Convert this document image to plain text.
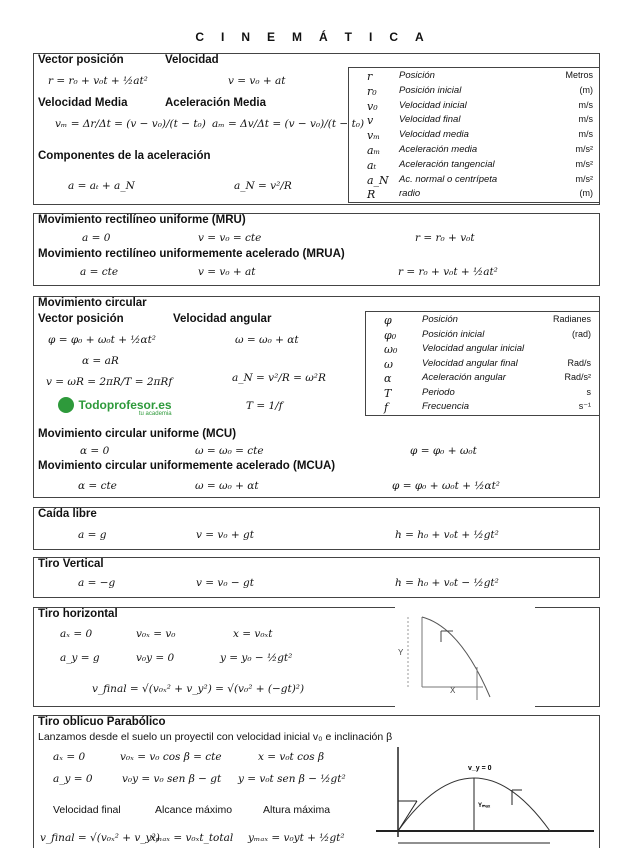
CINEMÁTICA
Vector posición	Velocidad
r = r₀ + v₀t + ½at²	v = v₀ + at
Velocidad Media	Aceleración Media
vₘ = Δr/Δt = (v − v₀)/(t − t₀) aₘ = Δv/Δt = (v − v₀)/(t − t₀)
Componentes de la aceleración
a = aₜ + a_N	a_N = v²/R
r	Posición	Metros
r₀ Posición inicial	(m)
v₀ Velocidad inicial	m/s
v	Velocidad final	m/s
vₘ Velocidad media	m/s
aₘ Aceleración media	m/s²
aₜ Aceleración tangencial	m/s²
a_N Ac. normal o centrípeta	m/s²
R radio	(m)
Movimiento rectilíneo uniforme (MRU)
a = 0	v = v₀ = cte	r = r₀ + v₀t
Movimiento rectilíneo uniformemente acelerado (MRUA)
a = cte	v = v₀ + at	r = r₀ + v₀t + ½at²
Movimiento circular
Vector posición	Velocidad angular
φ = φ₀ + ω₀t + ½αt²	ω = ω₀ + αt
α = aR
v = ωR = 2πR/T = 2πRf	a_N = v²/R = ω²R
T = 1/f
Todoprofesor.es
tu academia
φ	Posición	Radianes
φ₀	Posición inicial	(rad)
ω₀	Velocidad angular inicial
ω	Velocidad angular final	Rad/s
α	Aceleración angular	Rad/s²
T	Periodo	s
f	Frecuencia	s⁻¹
Movimiento circular uniforme (MCU)
α = 0	ω = ω₀ = cte	φ = φ₀ + ω₀t
Movimiento circular uniformemente acelerado (MCUA)
α = cte	ω = ω₀ + αt	φ = φ₀ + ω₀t + ½αt²
Caída libre
a = g	v = v₀ + gt	h = h₀ + v₀t + ½gt²
Tiro Vertical
a = −g	v = v₀ − gt	h = h₀ + v₀t − ½gt²
Tiro horizontal
aₓ = 0	v₀ₓ = v₀	x = v₀ₓt
a_y = g	v₀y = 0	y = y₀ − ½gt²
v_final = √(v₀ₓ² + v_y²) = √(v₀² + (−gt)²)
Y
X
Tiro oblicuo Parabólico
Lanzamos desde el suelo un proyectil con velocidad inicial v₀ e inclinación β
aₓ = 0	v₀ₓ = v₀ cos β = cte	x = v₀t cos β
a_y = 0	v₀y = v₀ sen β − gt y = v₀t sen β − ½gt²
Velocidad final	Alcance máximo	Altura máxima
v_final = √(v₀ₓ² + v_y²)
xₘₐₓ = v₀ₓt_total yₘₐₓ = v₀yt + ½gt²
v_y = 0
Yₘₐₓ
